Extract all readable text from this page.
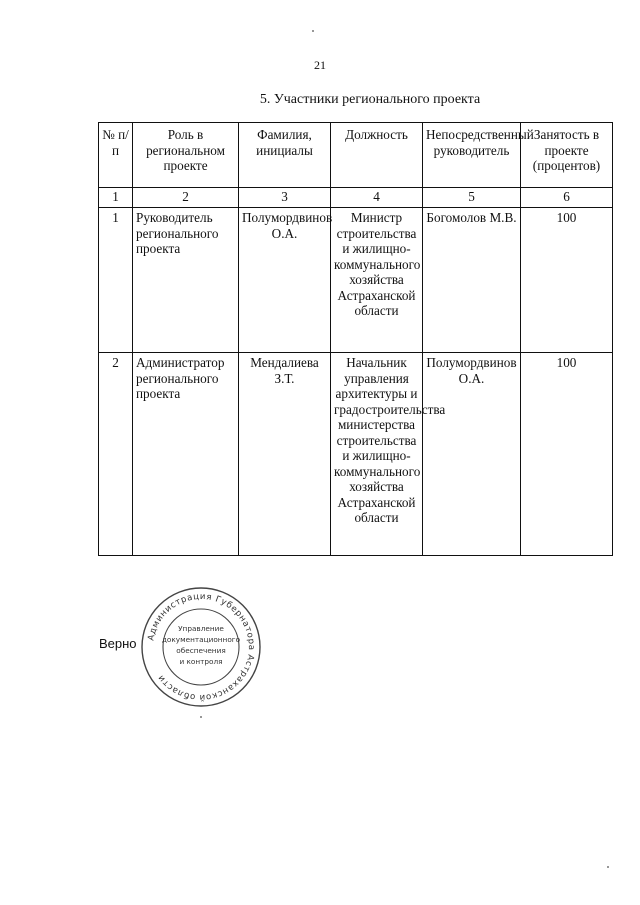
21
5. Участники регионального проекта
№ п/п	Роль в региональном проекте	Фамилия, инициалы	Должность	Непосредственный руководитель	Занятость в проекте (процентов)
1	2	3	4	5	6
1	Руководитель регионального проекта	Полумордвинов О.А.	Министр строительства и жилищно-коммунального хозяйства Астраханской области	Богомолов М.В.	100
2	Администратор регионального проекта	Мендалиева З.Т.	Начальник управления архитектуры и градостроительства министерства строительства и жилищно-коммунального хозяйства Астраханской области	Полумордвинов О.А.	100
Верно Администрация Губернатора Астраханской области
Управление
документационного
обеспечения
и контроля
